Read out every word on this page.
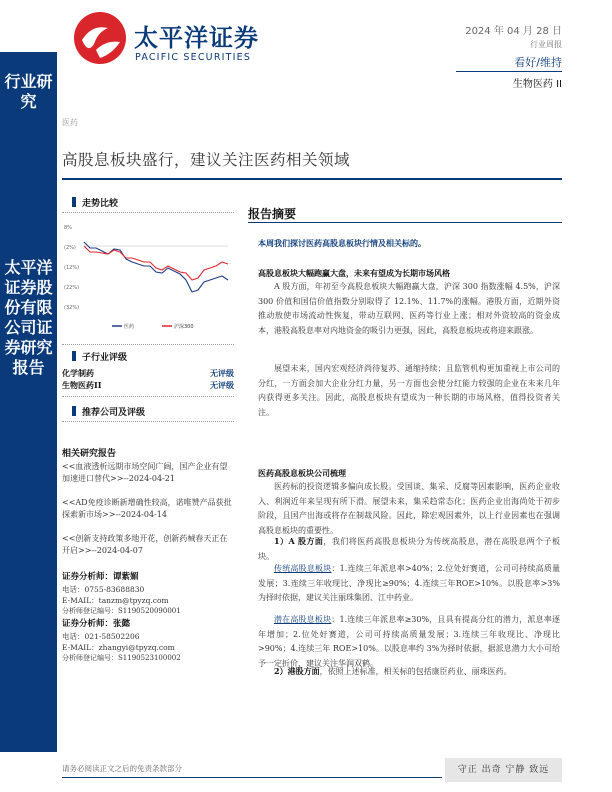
行业研究
太平洋证券股份有限公司证券研究报告
太平洋证券
PACIFIC SECURITIES
2024 年 04 月 28 日
行业周报
看好/维持
生物医药 II
医药
高股息板块盛行，建议关注医药相关领域
走势比较
8%
(2%)
(12%)
(22%)
(32%)
医药	沪深300
子行业评级
化学制药	无评级
生物医药II	无评级
推荐公司及评级
相关研究报告
<<血液透析远期市场空间广阔，国产企业有望加速进口替代>>--2024-04-21
<<AD免疫诊断新增确性较高，诺唯赞产品获批探索新市场>>--2024-04-14
<<创新支持政策多地开花，创新药械春天正在开启>>--2024-04-07
证券分析师：谭紫媚
电话：0755-83688830
E-MAIL：tanzm@tpyzq.com
分析师登记编号：S1190520090001
证券分析师：张懿
电话：021-58502206
E-MAIL：zhangyi@tpyzq.com
分析师登记编号：S1190523100002
报告摘要
本周我们探讨医药高股息板块行情及相关标的。
高股息板块大幅跑赢大盘，未来有望成为长期市场风格
A 股方面，年初至今高股息板块大幅跑赢大盘，沪深 300 指数涨幅 4.5%，沪深 300 价值和国信价值指数分别取得了 12.1%、11.7%的涨幅。港股方面，近期外资推动敖使市场流动性恢复，带动互联网、医药等行业上涨；相对外资较高的资金成本，港股高股息率对内地资金的吸引力更强，因此，高股息板块或将迎来跟涨。
展望未来，国内宏观经济尚待复苏、通缩持续；且监管机构更加重视上市公司的分红，一方面会加大企业分红力量，另一方面也会使分红能力较强的企业在未来几年内获得更多关注。因此，高股息板块有望成为一种长期的市场风格，值得投资者关注。
医药高股息板块公司梳理
医药标的投资逻辑多偏向成长股。受国谈、集采、反腐等因素影响，医药企业收入、利润近年来呈现有所下滑。展望未来，集采趋常态化；医药企业出海尚处于初步阶段，且国产出海或将存在制裁风险。因此，除宏观因素外，以上行业因素也在强调高股息板块的重要性。
1）A 股方面，我们将医药高股息板块分为传统高股息，潜在高股息两个子板块。
传统高股息板块：1.连续三年派息率>40%；2.位处好赛道，公司可持续高质量发展；3.连续三年收现比、净现比≥90%；4.连续三年ROE>10%。以股息率>3%为择时依据，建议关注丽珠集团、江中药业。
潜在高股息板块：1.连续三年派息率≥30%，且具有提高分红的潜力，派息率逐年增加；2.位处好赛道，公司可持续高质量发展；3.连续三年收现比、净现比>90%；4.连续三年 ROE>10%。以股息率约 3%为择时依据，据派息潜力大小可给予一定折价，建议关注华润双鹤。
2）港股方面，依照上述标准，相关标的包括康臣药业、丽珠医药。
请务必阅读正文之后的免责条款部分	守正 出奇 宁静 致远
